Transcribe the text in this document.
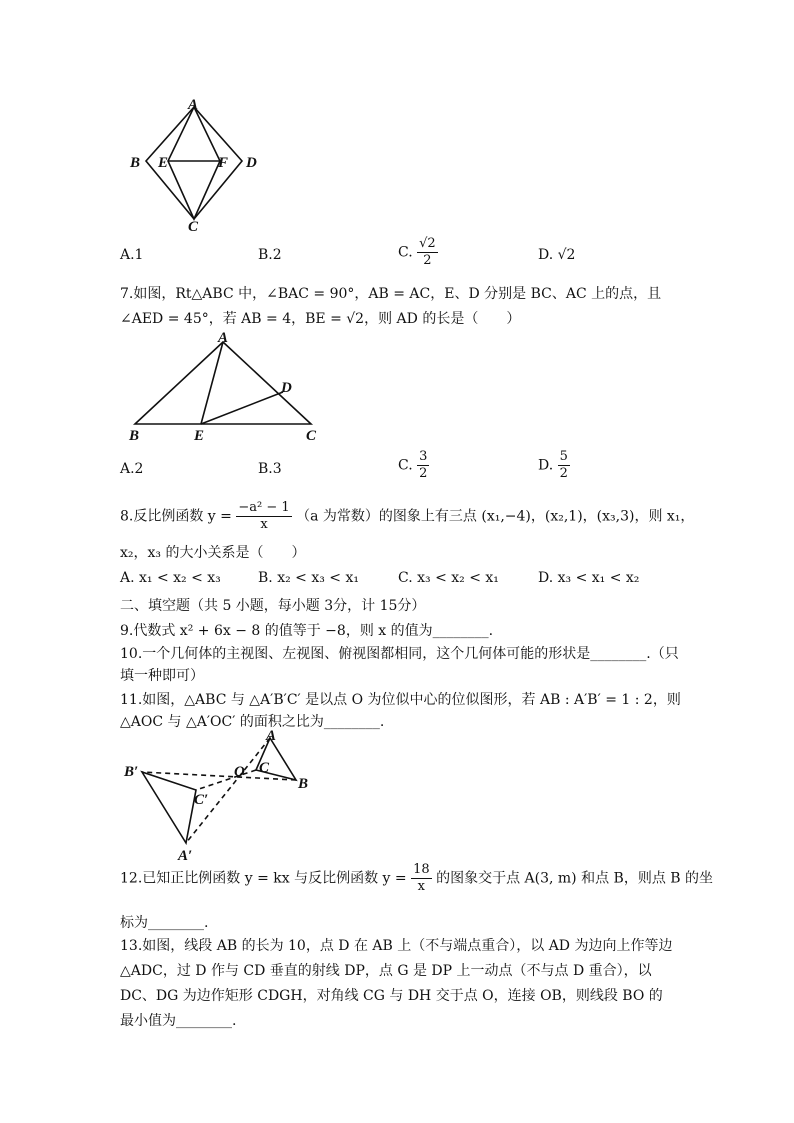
A
B E	F D
C
A.1	B.2	C. $\frac{√2}{2}$	D. √2
7.如图，Rt△ABC 中，∠BAC = 90°，AB = AC，E、D 分别是 BC、AC 上的点，且
∠AED = 45°，若 AB = 4，BE = √2，则 AD 的长是（　　）
A
B	E	C
D
A.2	B.3	C. $\frac{3}{2}$	D. $\frac{5}{2}$
8.反比例函数 $y = \frac{\text{−a² − 1}}{x} (a$ 为常数）的图象上有三点 (x₁,−4)，(x₂,1)，(x₃,3)，则 x₁，
x₂，x₃ 的大小关系是（　　）
A. x₁ < x₂ < x₃	B. x₂ < x₃ < x₁	C. x₃ < x₂ < x₁	D. x₃ < x₁ < x₂
二、填空题（共 5 小题，每小题 3分，计 15分）
9.代数式 x² + 6x − 8 的值等于 −8，则 x 的值为________.
10.一个几何体的主视图、左视图、俯视图都相同，这个几何体可能的形状是________.（只
填一种即可）
11.如图，△ABC 与 △A′B′C′ 是以点 O 为位似中心的位似图形，若 AB : A′B′ = 1 : 2，则
△AOC 与 △A′OC′ 的面积之比为________.
A
C
B
O
B′
C′
A′
12.已知正比例函数 y = kx 与反比例函数 $y = \frac{18}{x}$ 的图象交于点 A(3, m) 和点 B，则点 B 的坐
标为________.
13.如图，线段 AB 的长为 10，点 D 在 AB 上（不与端点重合），以 AD 为边向上作等边
△ADC，过 D 作与 CD 垂直的射线 DP，点 G 是 DP 上一动点（不与点 D 重合），以
DC、DG 为边作矩形 CDGH，对角线 CG 与 DH 交于点 O，连接 OB，则线段 BO 的
最小值为________.
